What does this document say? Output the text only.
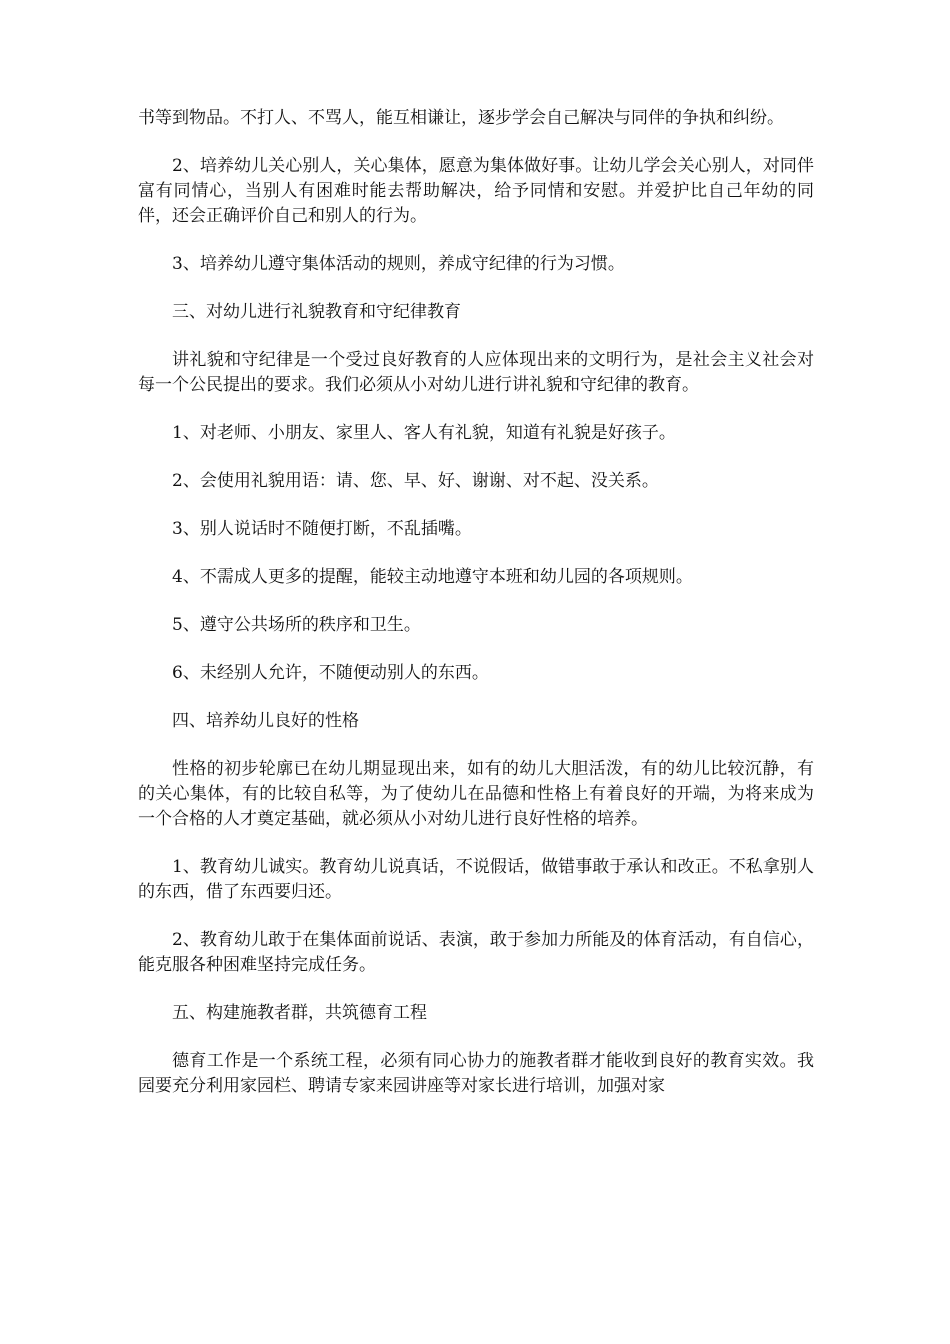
书等到物品。不打人、不骂人，能互相谦让，逐步学会自己解决与同伴的争执和纠纷。

2、培养幼儿关心别人，关心集体，愿意为集体做好事。让幼儿学会关心别人，对同伴富有同情心，当别人有困难时能去帮助解决，给予同情和安慰。并爱护比自己年幼的同伴，还会正确评价自己和别人的行为。

3、培养幼儿遵守集体活动的规则，养成守纪律的行为习惯。

三、对幼儿进行礼貌教育和守纪律教育

讲礼貌和守纪律是一个受过良好教育的人应体现出来的文明行为，是社会主义社会对每一个公民提出的要求。我们必须从小对幼儿进行讲礼貌和守纪律的教育。

1、对老师、小朋友、家里人、客人有礼貌，知道有礼貌是好孩子。

2、会使用礼貌用语：请、您、早、好、谢谢、对不起、没关系。

3、别人说话时不随便打断，不乱插嘴。

4、不需成人更多的提醒，能较主动地遵守本班和幼儿园的各项规则。

5、遵守公共场所的秩序和卫生。

6、未经别人允许，不随便动别人的东西。

四、培养幼儿良好的性格

性格的初步轮廓已在幼儿期显现出来，如有的幼儿大胆活泼，有的幼儿比较沉静，有的关心集体，有的比较自私等，为了使幼儿在品德和性格上有着良好的开端，为将来成为一个合格的人才奠定基础，就必须从小对幼儿进行良好性格的培养。

1、教育幼儿诚实。教育幼儿说真话，不说假话，做错事敢于承认和改正。不私拿别人的东西，借了东西要归还。

2、教育幼儿敢于在集体面前说话、表演，敢于参加力所能及的体育活动，有自信心，能克服各种困难坚持完成任务。

五、构建施教者群，共筑德育工程

德育工作是一个系统工程，必须有同心协力的施教者群才能收到良好的教育实效。我园要充分利用家园栏、聘请专家来园讲座等对家长进行培训，加强对家
